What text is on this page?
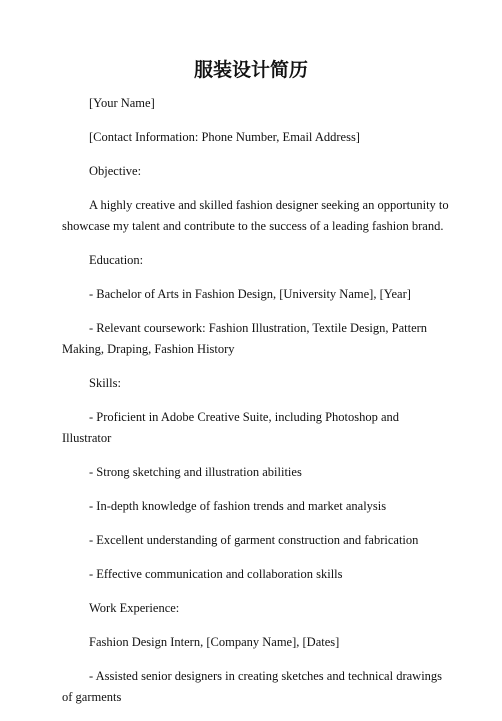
服装设计简历

[Your Name]

[Contact Information: Phone Number, Email Address]

Objective:

A highly creative and skilled fashion designer seeking an opportunity to showcase my talent and contribute to the success of a leading fashion brand.

Education:

- Bachelor of Arts in Fashion Design, [University Name], [Year]

- Relevant coursework: Fashion Illustration, Textile Design, Pattern Making, Draping, Fashion History

Skills:

- Proficient in Adobe Creative Suite, including Photoshop and Illustrator

- Strong sketching and illustration abilities

- In-depth knowledge of fashion trends and market analysis

- Excellent understanding of garment construction and fabrication

- Effective communication and collaboration skills

Work Experience:

Fashion Design Intern, [Company Name], [Dates]

- Assisted senior designers in creating sketches and technical drawings of garments
